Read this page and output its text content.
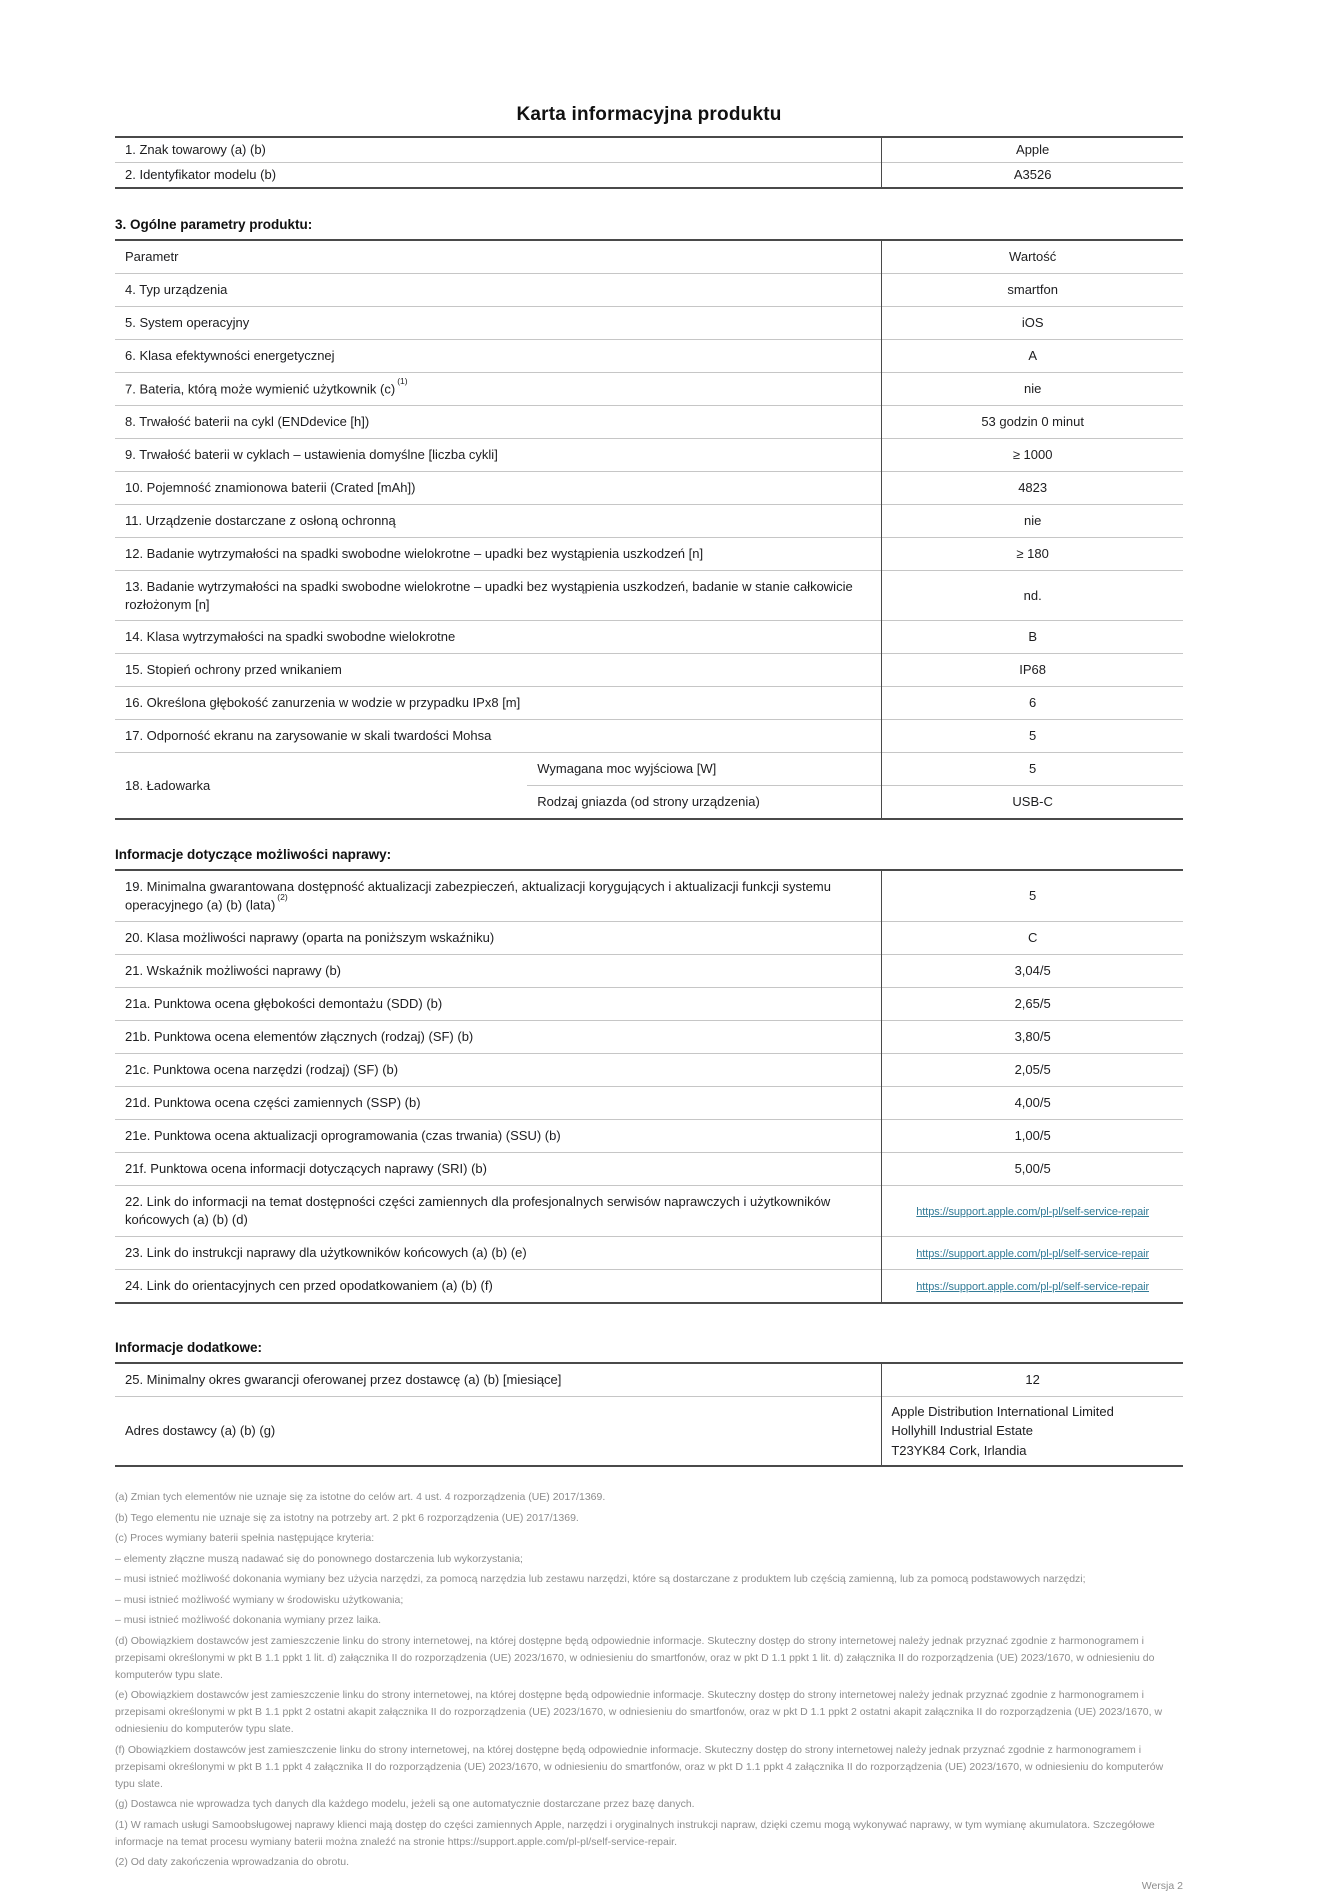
Karta informacyjna produktu
1. Znak towarowy (a) (b)	Apple
2. Identyfikator modelu (b)	A3526
3. Ogólne parametry produktu:
Parametr		Wartość
4. Typ urządzenia		smartfon
5. System operacyjny		iOS
6. Klasa efektywności energetycznej		A
7. Bateria, którą może wymienić użytkownik (c)$^{(1)}$		nie
8. Trwałość baterii na cykl (ENDdevice [h])		53 godzin 0 minut
9. Trwałość baterii w cyklach – ustawienia domyślne [liczba cykli]		≥ 1000
10. Pojemność znamionowa baterii (Crated [mAh])		4823
11. Urządzenie dostarczane z osłoną ochronną		nie
12. Badanie wytrzymałości na spadki swobodne wielokrotne – upadki bez wystąpienia uszkodzeń [n]		≥ 180
13. Badanie wytrzymałości na spadki swobodne wielokrotne – upadki bez wystąpienia uszkodzeń, badanie w stanie całkowicie rozłożonym [n]		nd.
14. Klasa wytrzymałości na spadki swobodne wielokrotne		B
15. Stopień ochrony przed wnikaniem		IP68
16. Określona głębokość zanurzenia w wodzie w przypadku IPx8 [m]		6
17. Odporność ekranu na zarysowanie w skali twardości Mohsa		5
18. Ładowarka	Wymagana moc wyjściowa [W]	5
	Rodzaj gniazda (od strony urządzenia)	USB-C
Informacje dotyczące możliwości naprawy:
19. Minimalna gwarantowana dostępność aktualizacji zabezpieczeń, aktualizacji korygujących i aktualizacji funkcji systemu operacyjnego (a) (b) (lata)$^{(2)}$	5
20. Klasa możliwości naprawy (oparta na poniższym wskaźniku)	C
21. Wskaźnik możliwości naprawy (b)	3,04/5
21a. Punktowa ocena głębokości demontażu (SDD) (b)	2,65/5
21b. Punktowa ocena elementów złącznych (rodzaj) (SF) (b)	3,80/5
21c. Punktowa ocena narzędzi (rodzaj) (SF) (b)	2,05/5
21d. Punktowa ocena części zamiennych (SSP) (b)	4,00/5
21e. Punktowa ocena aktualizacji oprogramowania (czas trwania) (SSU) (b)	1,00/5
21f. Punktowa ocena informacji dotyczących naprawy (SRI) (b)	5,00/5
22. Link do informacji na temat dostępności części zamiennych dla profesjonalnych serwisów naprawczych i użytkowników końcowych (a) (b) (d)	https://support.apple.com/pl-pl/self-service-repair
23. Link do instrukcji naprawy dla użytkowników końcowych (a) (b) (e)	https://support.apple.com/pl-pl/self-service-repair
24. Link do orientacyjnych cen przed opodatkowaniem (a) (b) (f)	https://support.apple.com/pl-pl/self-service-repair
Informacje dodatkowe:
25. Minimalny okres gwarancji oferowanej przez dostawcę (a) (b) [miesiące]	12
Adres dostawcy (a) (b) (g)	Apple Distribution International Limited
Hollyhill Industrial Estate
T23YK84 Cork, Irlandia

(a) Zmian tych elementów nie uznaje się za istotne do celów art. 4 ust. 4 rozporządzenia (UE) 2017/1369.

(b) Tego elementu nie uznaje się za istotny na potrzeby art. 2 pkt 6 rozporządzenia (UE) 2017/1369.

(c) Proces wymiany baterii spełnia następujące kryteria:

– elementy złączne muszą nadawać się do ponownego dostarczenia lub wykorzystania;

– musi istnieć możliwość dokonania wymiany bez użycia narzędzi, za pomocą narzędzia lub zestawu narzędzi, które są dostarczane z produktem lub częścią zamienną, lub za pomocą podstawowych narzędzi;

– musi istnieć możliwość wymiany w środowisku użytkowania;

– musi istnieć możliwość dokonania wymiany przez laika.

(d) Obowiązkiem dostawców jest zamieszczenie linku do strony internetowej, na której dostępne będą odpowiednie informacje. Skuteczny dostęp do strony internetowej należy jednak przyznać zgodnie z harmonogramem i przepisami określonymi w pkt B 1.1 ppkt 1 lit. d) załącznika II do rozporządzenia (UE) 2023/1670, w odniesieniu do smartfonów, oraz w pkt D 1.1 ppkt 1 lit. d) załącznika II do rozporządzenia (UE) 2023/1670, w odniesieniu do komputerów typu slate.

(e) Obowiązkiem dostawców jest zamieszczenie linku do strony internetowej, na której dostępne będą odpowiednie informacje. Skuteczny dostęp do strony internetowej należy jednak przyznać zgodnie z harmonogramem i przepisami określonymi w pkt B 1.1 ppkt 2 ostatni akapit załącznika II do rozporządzenia (UE) 2023/1670, w odniesieniu do smartfonów, oraz w pkt D 1.1 ppkt 2 ostatni akapit załącznika II do rozporządzenia (UE) 2023/1670, w odniesieniu do komputerów typu slate.

(f) Obowiązkiem dostawców jest zamieszczenie linku do strony internetowej, na której dostępne będą odpowiednie informacje. Skuteczny dostęp do strony internetowej należy jednak przyznać zgodnie z harmonogramem i przepisami określonymi w pkt B 1.1 ppkt 4 załącznika II do rozporządzenia (UE) 2023/1670, w odniesieniu do smartfonów, oraz w pkt D 1.1 ppkt 4 załącznika II do rozporządzenia (UE) 2023/1670, w odniesieniu do komputerów typu slate.

(g) Dostawca nie wprowadza tych danych dla każdego modelu, jeżeli są one automatycznie dostarczane przez bazę danych.

(1) W ramach usługi Samoobsługowej naprawy klienci mają dostęp do części zamiennych Apple, narzędzi i oryginalnych instrukcji napraw, dzięki czemu mogą wykonywać naprawy, w tym wymianę akumulatora. Szczegółowe informacje na temat procesu wymiany baterii można znaleźć na stronie https://support.apple.com/pl-pl/self-service-repair.

(2) Od daty zakończenia wprowadzania do obrotu.

Wersja 2
